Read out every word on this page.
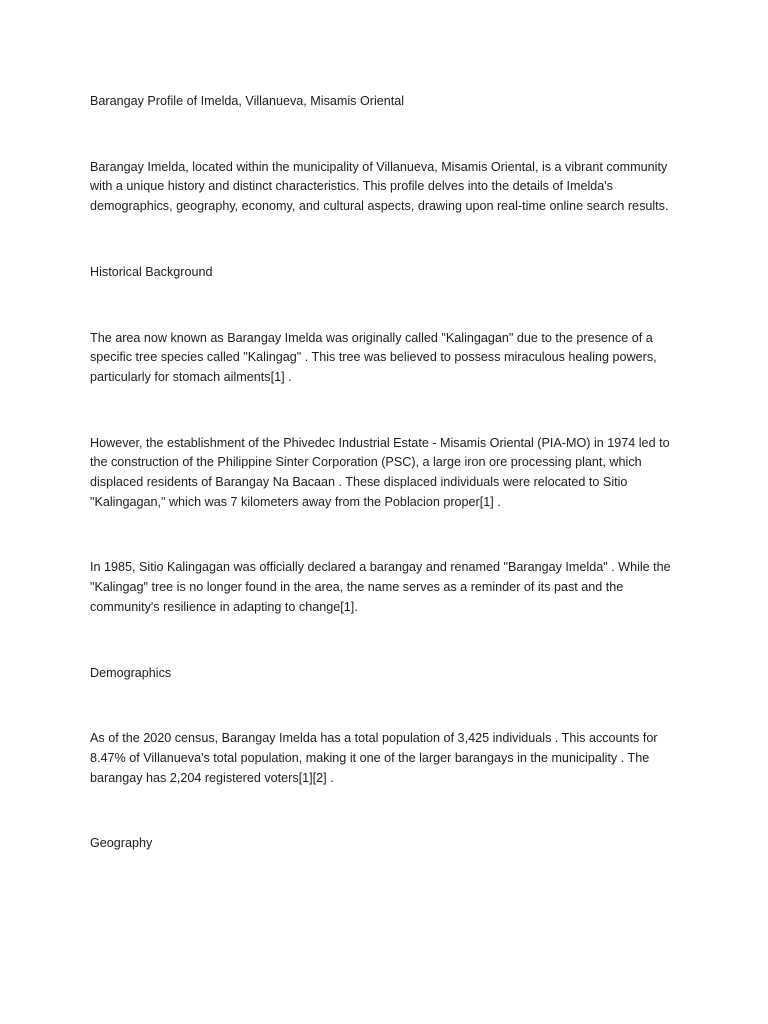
Barangay Profile of Imelda, Villanueva, Misamis Oriental

Barangay Imelda, located within the municipality of Villanueva, Misamis Oriental, is a vibrant community with a unique history and distinct characteristics. This profile delves into the details of Imelda's demographics, geography, economy, and cultural aspects, drawing upon real-time online search results.

Historical Background

The area now known as Barangay Imelda was originally called "Kalingagan" due to the presence of a specific tree species called "Kalingag" . This tree was believed to possess miraculous healing powers, particularly for stomach ailments[1] .

However, the establishment of the Phivedec Industrial Estate - Misamis Oriental (PIA-MO) in 1974 led to the construction of the Philippine Sinter Corporation (PSC), a large iron ore processing plant, which displaced residents of Barangay Na Bacaan . These displaced individuals were relocated to Sitio "Kalingagan," which was 7 kilometers away from the Poblacion proper[1] .

In 1985, Sitio Kalingagan was officially declared a barangay and renamed "Barangay Imelda" . While the "Kalingag" tree is no longer found in the area, the name serves as a reminder of its past and the community's resilience in adapting to change[1].

Demographics

As of the 2020 census, Barangay Imelda has a total population of 3,425 individuals . This accounts for 8.47% of Villanueva's total population, making it one of the larger barangays in the municipality . The barangay has 2,204 registered voters[1][2] .

Geography
